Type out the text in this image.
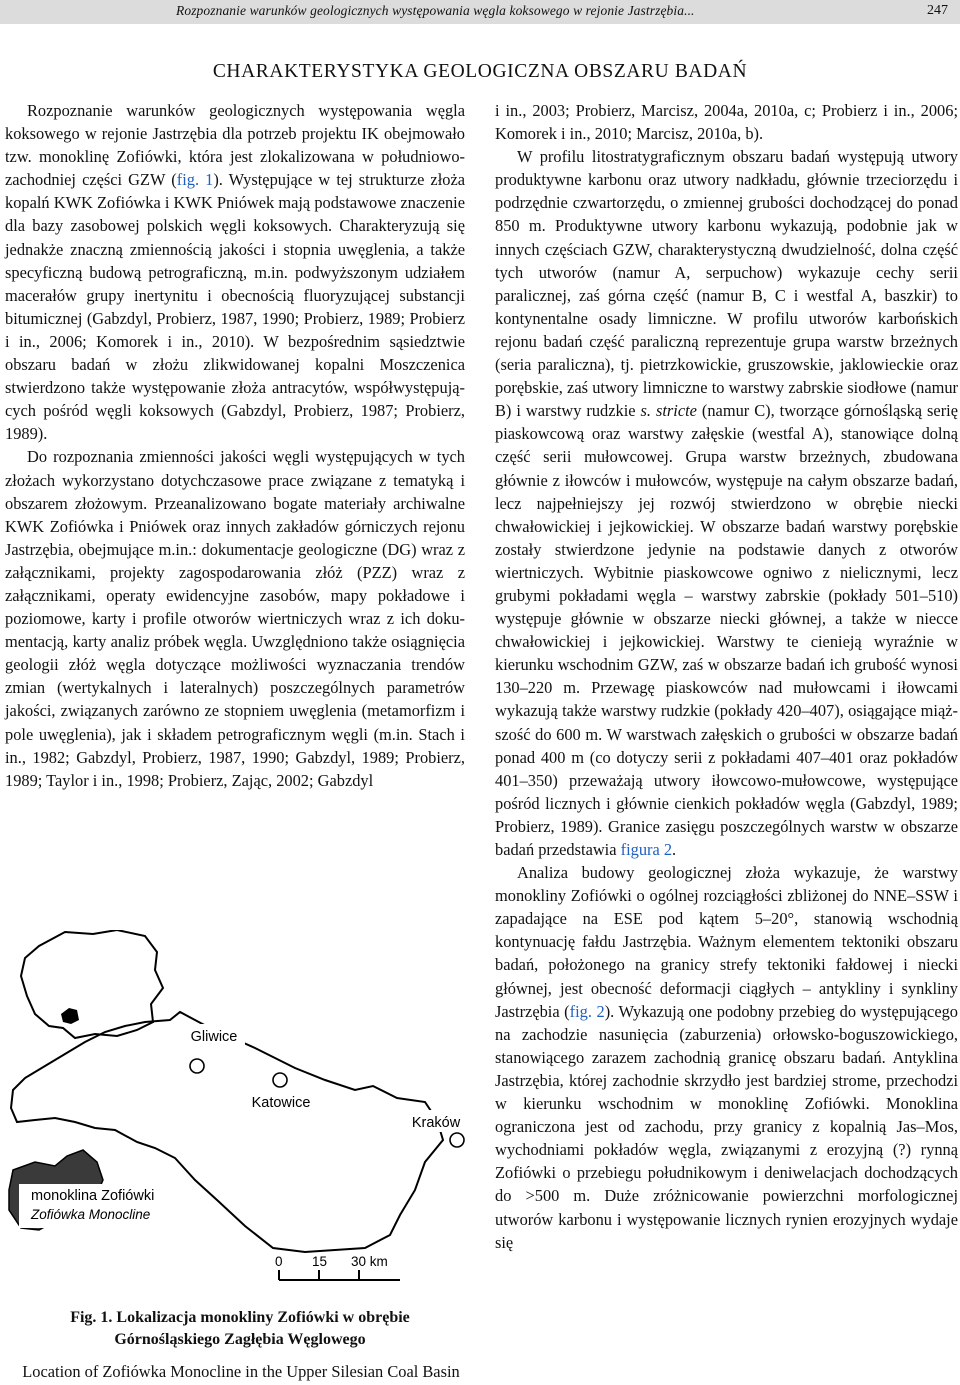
Rozpoznanie warunków geologicznych występowania węgla koksowego w rejonie Jastrzębia...	247
CHARAKTERYSTYKA GEOLOGICZNA OBSZARU BADAŃ

Rozpoznanie warunków geologicznych występowania węgla koksowego w rejonie Jastrzębia dla potrzeb projektu IK obejmowało tzw. monoklinę Zofiówki, która jest zlokalizowana w południowo-zachodniej części GZW (fig. 1). Występujące w tej strukturze złoża kopalń KWK Zofiówka i KWK Pniówek mają podstawowe znaczenie dla bazy zasobowej polskich węgli koksowych. Charakteryzują się jednakże znaczną zmiennością jakości i stopnia uwęglenia, a także specyficzną budową petrograficzną, m.in. podwyższonym udziałem macerałów grupy inertynitu i obecnością fluoryzującej substancji bitumicznej (Gabzdyl, Probierz, 1987, 1990; Probierz, 1989; Probierz i in., 2006; Komorek i in., 2010). W bezpośrednim sąsiedztwie obszaru badań w złożu zlikwidowanej kopalni Moszczenica stwierdzono także występowanie złoża antracytów, współwystępujących pośród węgli koksowych (Gabzdyl, Probierz, 1987; Probierz, 1989).

Do rozpoznania zmienności jakości węgli występujących w tych złożach wykorzystano dotychczasowe prace związane z tematyką i obszarem złożowym. Przeanalizowano bogate materiały archiwalne KWK Zofiówka i Pniówek oraz innych zakładów górniczych rejonu Jastrzębia, obejmujące m.in.: dokumentacje geologiczne (DG) wraz z załącznikami, projekty zagospodarowania złóż (PZZ) wraz z załącznikami, operaty ewidencyjne zasobów, mapy pokładowe i poziomowe, karty i profile otworów wiertniczych wraz z ich dokumentacją, karty analiz próbek węgla. Uwzględniono także osiągnięcia geologii złóż węgla dotyczące możliwości wyznaczania trendów zmian (wertykalnych i lateralnych) poszczególnych parametrów jakości, związanych zarówno ze stopniem uwęglenia (metamorfizm i pole uwęglenia), jak i składem petrograficznym węgli (m.in. Stach i in., 1982; Gabzdyl, Probierz, 1987, 1990; Gabzdyl, 1989; Probierz, 1989; Taylor i in., 1998; Probierz, Zając, 2002; Gabzdyl

i in., 2003; Probierz, Marcisz, 2004a, 2010a, c; Probierz i in., 2006; Komorek i in., 2010; Marcisz, 2010a, b).

W profilu litostratygraficznym obszaru badań występują utwory produktywne karbonu oraz utwory nadkładu, głównie trzeciorzędu i podrzędnie czwartorzędu, o zmiennej grubości dochodzącej do ponad 850 m. Produktywne utwory karbonu wykazują, podobnie jak w innych częściach GZW, charakterystyczną dwudzielność, dolna część tych utworów (namur A, serpuchow) wykazuje cechy serii paralicznej, zaś górna część (namur B, C i westfal A, baszkir) to kontynentalne osady limniczne. W profilu utworów karbońskich rejonu badań część paraliczną reprezentuje grupa warstw brzeżnych (seria paraliczna), tj. pietrzkowickie, gruszowskie, jaklowieckie oraz porębskie, zaś utwory limniczne to warstwy zabrskie siodłowe (namur B) i warstwy rudzkie s. stricte (namur C), tworzące górnośląską serię piaskowcową oraz warstwy załęskie (westfal A), stanowiące dolną część serii mułowcowej. Grupa warstw brzeżnych, zbudowana głównie z iłowców i mułowców, występuje na całym obszarze badań, lecz najpełniejszy jej rozwój stwierdzono w obrębie niecki chwałowickiej i jejkowickiej. W obszarze badań warstwy porębskie zostały stwierdzone jedynie na podstawie danych z otworów wiertniczych. Wybitnie piaskowcowe ogniwo z nielicznymi, lecz grubymi pokładami węgla – warstwy zabrskie (pokłady 501–510) występuje głównie w obszarze niecki głównej, a także w niecce chwałowickiej i jejkowickiej. Warstwy te cienieją wyraźnie w kierunku wschodnim GZW, zaś w obszarze badań ich grubość wynosi 130–220 m. Przewagę piaskowców nad mułowcami i iłowcami wykazują także warstwy rudzkie (pokłady 420–407), osiągające miąższość do 600 m. W warstwach załęskich o grubości w obszarze badań ponad 400 m (co dotyczy serii z pokładami 407–401 oraz pokładów 401–350) przeważają utwory iłowcowo-mułowcowe, występujące pośród licznych i głównie cienkich pokładów węgla (Gabzdyl, 1989; Probierz, 1989). Granice zasięgu poszczególnych warstw w obszarze badań przedstawia figura 2.

Analiza budowy geologicznej złoża wykazuje, że warstwy monokliny Zofiówki o ogólnej rozciągłości zbliżonej do NNE–SSW i zapadające na ESE pod kątem 5–20°, stanowią wschodnią kontynuację fałdu Jastrzębia. Ważnym elementem tektoniki obszaru badań, położonego na granicy strefy tektoniki fałdowej i niecki głównej, jest obecność deformacji ciągłych – antykliny i synkliny Jastrzębia (fig. 2). Wykazują one podobny przebieg do występującego na zachodzie nasunięcia (zaburzenia) orłowsko-boguszowickiego, stanowiącego zarazem zachodnią granicę obszaru badań. Antyklina Jastrzębia, której zachodnie skrzydło jest bardziej strome, przechodzi w kierunku wschodnim w monoklinę Zofiówki. Monoklina ograniczona jest od zachodu, przy granicy z kopalnią Jas–Mos, wychodniami pokładów węgla, związanymi z erozyjną (?) rynną Zofiówki o przebiegu południkowym i deniwelacjach dochodzących do >500 m. Duże zróżnicowanie powierzchni morfologicznej utworów karbonu i występowanie licznych rynien erozyjnych wydaje się

Gliwice
Katowice
Kraków
monoklina Zofiówki
Zofiówka Monocline
0 15 30 km
Fig. 1. Lokalizacja monokliny Zofiówki w obrębie
Górnośląskiego Zagłębia Węglowego
Location of Zofiówka Monocline in the Upper Silesian Coal Basin
